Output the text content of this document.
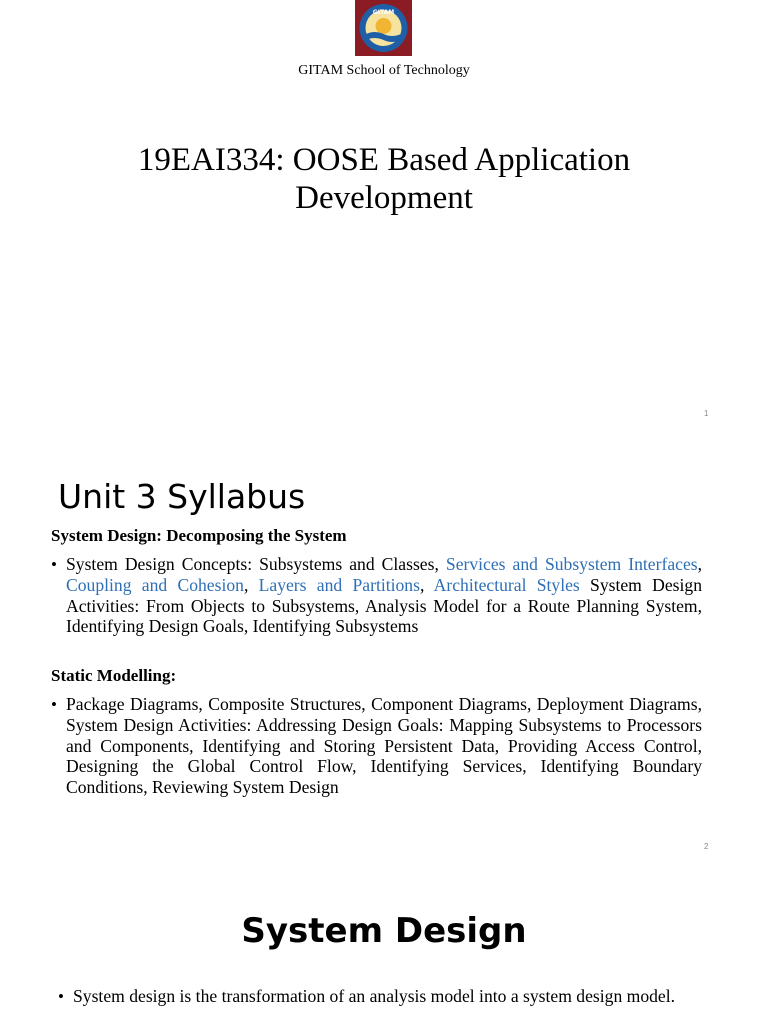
GITAM
GITAM School of Technology
19EAI334: OOSE Based Application Development
1
Unit 3 Syllabus
System Design: Decomposing the System
• System Design Concepts: Subsystems and Classes, Services and Subsystem Interfaces, Coupling and Cohesion, Layers and Partitions, Architectural Styles System Design Activities: From Objects to Subsystems, Analysis Model for a Route Planning System, Identifying Design Goals, Identifying Subsystems
Static Modelling:
• Package Diagrams, Composite Structures, Component Diagrams, Deployment Diagrams, System Design Activities: Addressing Design Goals: Mapping Subsystems to Processors and Components, Identifying and Storing Persistent Data, Providing Access Control, Designing the Global Control Flow, Identifying Services, Identifying Boundary Conditions, Reviewing System Design
2
System Design
• System design is the transformation of an analysis model into a system design model.
